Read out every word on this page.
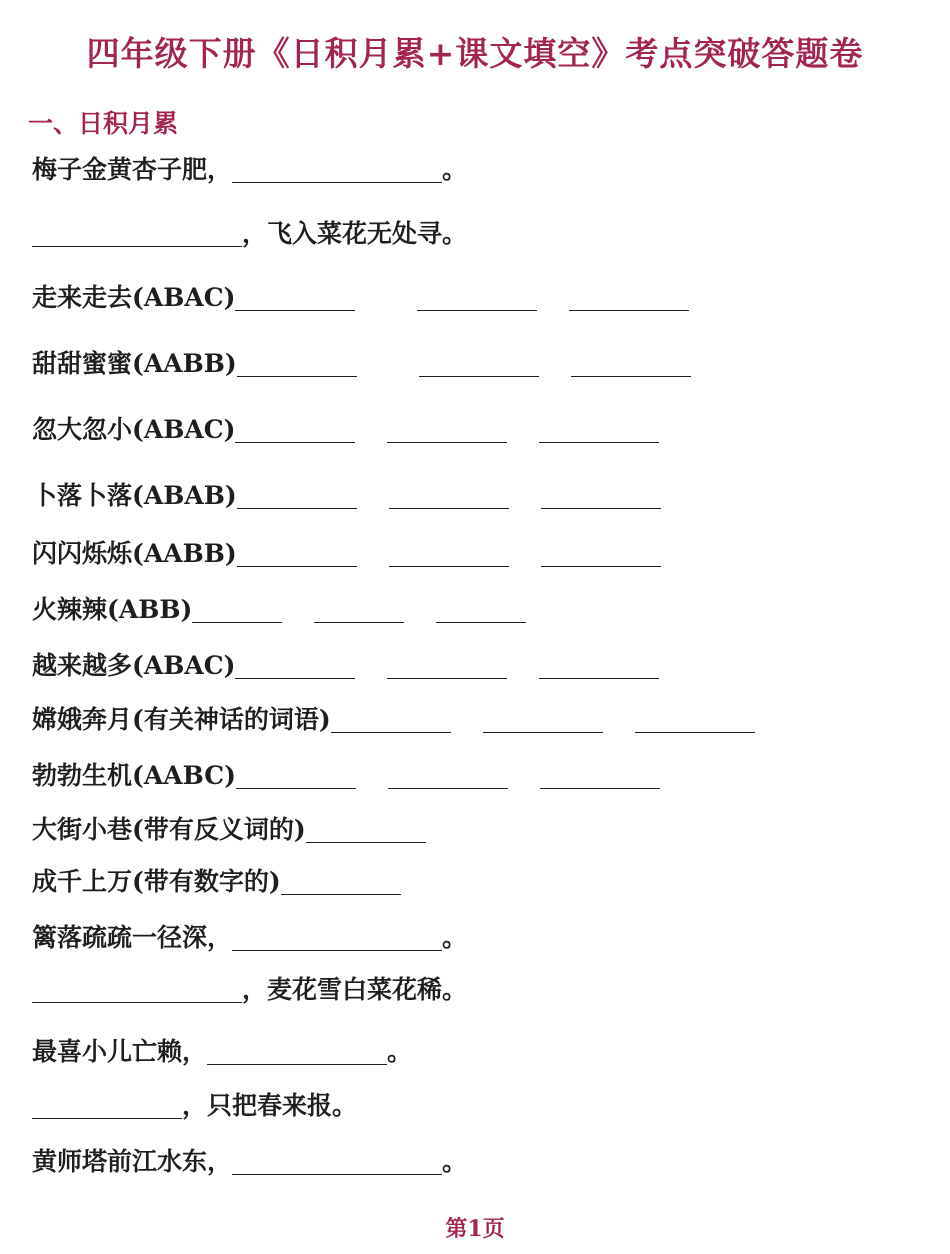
四年级下册《日积月累+课文填空》考点突破答题卷
一、日积月累
梅子金黄杏子肥，	。
，飞入菜花无处寻。
走来走去(ABAC)
甜甜蜜蜜(AABB)
忽大忽小(ABAC)
卜落卜落(ABAB)
闪闪烁烁(AABB)
火辣辣(ABB)
越来越多(ABAC)
嫦娥奔月(有关神话的词语)
勃勃生机(AABC)
大街小巷(带有反义词的)
成千上万(带有数字的)
篱落疏疏一径深，	。
，麦花雪白菜花稀。
最喜小儿亡赖，	。
，只把春来报。
黄师塔前江水东，	。
第1页
